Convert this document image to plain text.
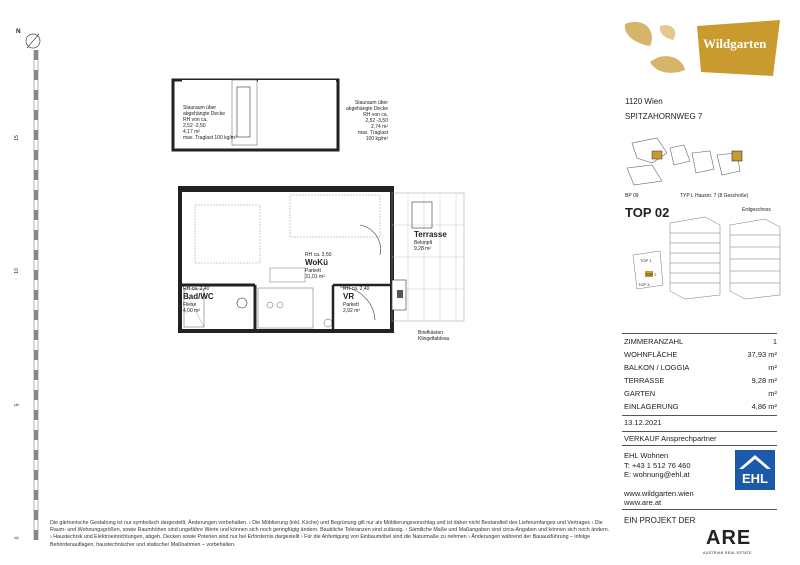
N
15
10
5
0
Stauraum über
abgehängte Decke
RH von ca.
2,52 -3,50
4,17 m²
max. Traglast 100 kg/m²
Stauraum über
abgehängte Decke
RH von ca.
2,52 -3,50
2,74 m²
max. Traglast
100 kg/m²
RH ca. 3,50
WoKü
Parkett
31,01 m²
RH ca. 2,40
Bad/WC
Fliese
4,00 m²
RH ca. 2,40
VR
Parkett
2,92 m²
Terrasse
Belonplt
9,28 m²
Briefkästen Klingeltableau
Wildgarten
1120 Wien
SPITZAHORNWEG 7
BP 09	TYP L Hausnr. 7 (8 Geschoße)
TOP 02	Erdgeschoss
TOP 1
TOP 2
TOP 3
ZIMMERANZAHL	1
WOHNFLÄCHE	37,93 m²
BALKON / LOGGIA	m²
TERRASSE	9,28 m²
GARTEN	m²
EINLAGERUNG	4,86 m²
13.12.2021
VERKAUF Ansprechpartner
EHL Wohnen
T: +43 1 512 76 460
E: wohnung@ehl.at
www.wildgarten.wien
www.are.at
EHL
EIN PROJEKT DER
ARE
AUSTRIAN REAL ESTATE
Die gärtnerische Gestaltung ist nur symbolisch dargestellt. Änderungen vorbehalten. › Die Möblierung (inkl. Küche) und Begrünung gilt nur als Möblierungsvorschlag und ist daher nicht Bestandteil des Lieferumfanges und Vertrages › Die Raum- und Wohnungsgrößen, sowie Raumhöhen sind ungefähre Werte und können sich noch geringfügig ändern. Baubliche Toleranzen sind zulässig. › Sämtliche Maße und Maßangaben sind circa-Angaben und können sich noch ändern. › Haustechnik und Elektroeinrichtungen, abgeh. Decken sowie Poterien sind nur bei Erfordernis dargestellt › Für die Anfertigung von Einbaumöbel sind die Naturmaße zu nehmen › Änderungen während der Bauausführung – infolge Behördenauflagen, haustechnischer und statischer Maßnahmen – vorbehalten.
